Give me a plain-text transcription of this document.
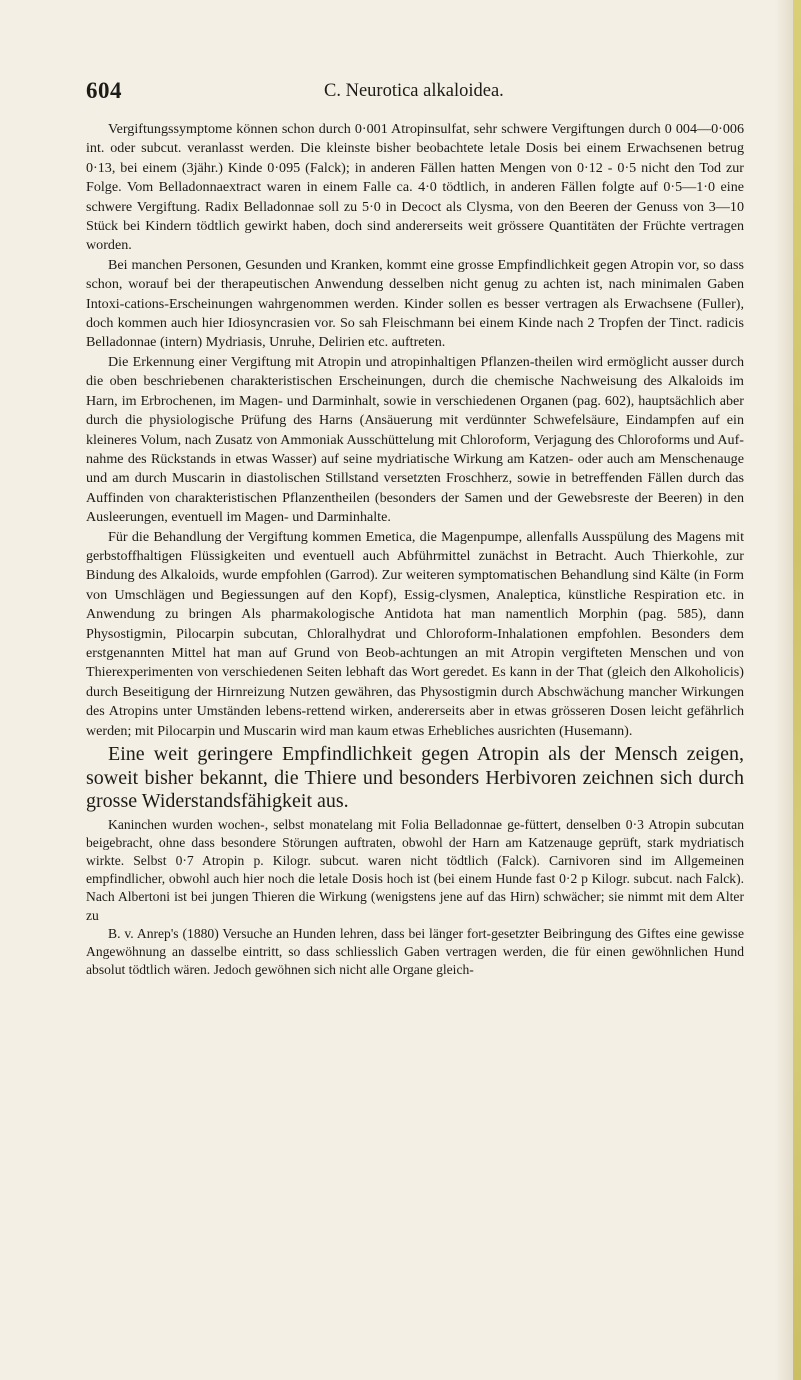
604	C. Neurotica alkaloidea.

Vergiftungssymptome können schon durch 0·001 Atropinsulfat, sehr schwere Vergiftungen durch 0 004—0·006 int. oder subcut. veranlasst werden. Die kleinste bisher beobachtete letale Dosis bei einem Erwachsenen betrug 0·13, bei einem (3jähr.) Kinde 0·095 (Falck); in anderen Fällen hatten Mengen von 0·12 - 0·5 nicht den Tod zur Folge. Vom Belladonnaextract waren in einem Falle ca. 4·0 tödtlich, in anderen Fällen folgte auf 0·5—1·0 eine schwere Vergiftung. Radix Belladonnae soll zu 5·0 in Decoct als Clysma, von den Beeren der Genuss von 3—10 Stück bei Kindern tödtlich gewirkt haben, doch sind andererseits weit grössere Quantitäten der Früchte vertragen worden.

Bei manchen Personen, Gesunden und Kranken, kommt eine grosse Empfindlichkeit gegen Atropin vor, so dass schon, worauf bei der therapeutischen Anwendung desselben nicht genug zu achten ist, nach minimalen Gaben Intoxi-cations-Erscheinungen wahrgenommen werden. Kinder sollen es besser vertragen als Erwachsene (Fuller), doch kommen auch hier Idiosyncrasien vor. So sah Fleischmann bei einem Kinde nach 2 Tropfen der Tinct. radicis Belladonnae (intern) Mydriasis, Unruhe, Delirien etc. auftreten.

Die Erkennung einer Vergiftung mit Atropin und atropinhaltigen Pflanzen-theilen wird ermöglicht ausser durch die oben beschriebenen charakteristischen Erscheinungen, durch die chemische Nachweisung des Alkaloids im Harn, im Erbrochenen, im Magen- und Darminhalt, sowie in verschiedenen Organen (pag. 602), hauptsächlich aber durch die physiologische Prüfung des Harns (Ansäuerung mit verdünnter Schwefelsäure, Eindampfen auf ein kleineres Volum, nach Zusatz von Ammoniak Ausschüttelung mit Chloroform, Verjagung des Chloroforms und Auf-nahme des Rückstands in etwas Wasser) auf seine mydriatische Wirkung am Katzen- oder auch am Menschenauge und am durch Muscarin in diastolischen Stillstand versetzten Froschherz, sowie in betreffenden Fällen durch das Auffinden von charakteristischen Pflanzentheilen (besonders der Samen und der Gewebsreste der Beeren) in den Ausleerungen, eventuell im Magen- und Darminhalte.

Für die Behandlung der Vergiftung kommen Emetica, die Magenpumpe, allenfalls Ausspülung des Magens mit gerbstoffhaltigen Flüssigkeiten und eventuell auch Abführmittel zunächst in Betracht. Auch Thierkohle, zur Bindung des Alkaloids, wurde empfohlen (Garrod). Zur weiteren symptomatischen Behandlung sind Kälte (in Form von Umschlägen und Begiessungen auf den Kopf), Essig-clysmen, Analeptica, künstliche Respiration etc. in Anwendung zu bringen Als pharmakologische Antidota hat man namentlich Morphin (pag. 585), dann Physostigmin, Pilocarpin subcutan, Chloralhydrat und Chloroform-Inhalationen empfohlen. Besonders dem erstgenannten Mittel hat man auf Grund von Beob-achtungen an mit Atropin vergifteten Menschen und von Thierexperimenten von verschiedenen Seiten lebhaft das Wort geredet. Es kann in der That (gleich den Alkoholicis) durch Beseitigung der Hirnreizung Nutzen gewähren, das Physostigmin durch Abschwächung mancher Wirkungen des Atropins unter Umständen lebens-rettend wirken, andererseits aber in etwas grösseren Dosen leicht gefährlich werden; mit Pilocarpin und Muscarin wird man kaum etwas Erhebliches ausrichten (Husemann).

Eine weit geringere Empfindlichkeit gegen Atropin als der Mensch zeigen, soweit bisher bekannt, die Thiere und besonders Herbivoren zeichnen sich durch grosse Widerstandsfähigkeit aus.

Kaninchen wurden wochen-, selbst monatelang mit Folia Belladonnae ge-füttert, denselben 0·3 Atropin subcutan beigebracht, ohne dass besondere Störungen auftraten, obwohl der Harn am Katzenauge geprüft, stark mydriatisch wirkte. Selbst 0·7 Atropin p. Kilogr. subcut. waren nicht tödtlich (Falck). Carnivoren sind im Allgemeinen empfindlicher, obwohl auch hier noch die letale Dosis hoch ist (bei einem Hunde fast 0·2 p Kilogr. subcut. nach Falck). Nach Albertoni ist bei jungen Thieren die Wirkung (wenigstens jene auf das Hirn) schwächer; sie nimmt mit dem Alter zu

B. v. Anrep's (1880) Versuche an Hunden lehren, dass bei länger fort-gesetzter Beibringung des Giftes eine gewisse Angewöhnung an dasselbe eintritt, so dass schliesslich Gaben vertragen werden, die für einen gewöhnlichen Hund absolut tödtlich wären. Jedoch gewöhnen sich nicht alle Organe gleich-
